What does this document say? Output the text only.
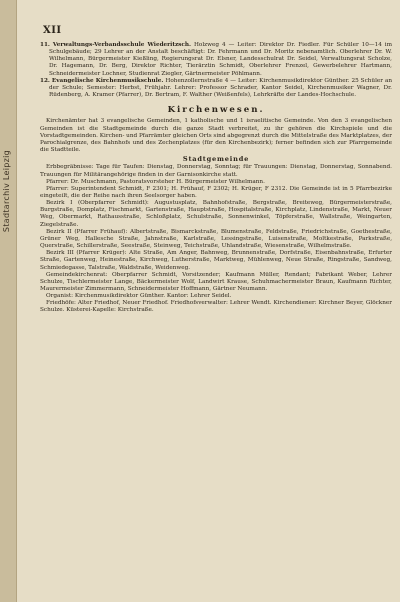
Stadtarchiv Leipzig
XII

11. Verwaltungs-Verbandsschule Wiederitzsch. Holzweg 4 — Leiter: Direktor Dr. Fiedler. Für Schüler 10—14 im Schulgebäude; 29 Lehrer an der Anstalt beschäftigt: Dr. Fehrmann und Dr. Moritz nebenamtlich. Oberlehrer Dr. W. Wilhelmann, Bürgermeister Kießling, Regierungsrat Dr. Elsner, Landesschulrat Dr. Seidel, Verwaltungsrat Scholze, Dr. Hagemann, Dr. Berg, Direktor Richter, Tierärztin Schmidt, Oberlehrer Frenzel, Gewerbelehrer Hartmann, Schneidermeister Lochner, Studienrat Ziegler, Gärtnermeister Pöhlmann.

12. Evangelische Kirchenmusikschule. Hohenzollernstraße 4 — Leiter: Kirchenmusikdirektor Günther. 25 Schüler an der Schule; Semester: Herbst, Frühjahr. Lehrer: Professor Schrader, Kantor Seidel, Kirchenmusiker Wagner, Dr. Rüdenberg, A. Kramer (Pfarrer), Dr. Bertram, F. Walther (Weißenfels), Lehrkräfte der Landes-Hochschule.

Kirchenwesen.

Kirchenämter hat 3 evangelische Gemeinden, 1 katholische und 1 israelitische Gemeinde. Von den 3 evangelischen Gemeinden ist die Stadtgemeinde durch die ganze Stadt verbreitet, zu ihr gehören die Kirchspiele und die Vorstadtgemeinden. Kirchen- und Pfarrämter gleichen Orts sind abgegrenzt durch die Mittelstraße des Marktplatzes, der Parochialgrenze, des Bahnhofs und des Zechenplatzes (für den Kirchenbezirk); ferner befinden sich zur Pfarrgemeinde die Stadtteile.

Stadtgemeinde

Erbbegräbnisse: Tage für Taufen: Dienstag, Donnerstag, Sonntag; für Trauungen: Dienstag, Donnerstag, Sonnabend. Trauungen für Militärangehörige finden in der Garnisonkirche statt.

Pfarrer: Dr. Muschmann, Pastoratsvorsteher H. Bürgermeister Wilhelmann.

Pfarrer: Superintendent Schmidt, F 2301; H. Frühauf, F 2302; H. Krüger, F 2312. Die Gemeinde ist in 5 Pfarrbezirke eingeteilt, die der Reihe nach ihren Seelsorger haben.

Bezirk I (Oberpfarrer Schmidt): Augustusplatz, Bahnhofstraße, Bergstraße, Breiteweg, Bürgermeisterstraße, Burgstraße, Domplatz, Fischmarkt, Gartenstraße, Hauptstraße, Hospitalstraße, Kirchplatz, Lindenstraße, Markt, Neuer Weg, Obermarkt, Rathausstraße, Schloßplatz, Schulstraße, Sonnenwinkel, Töpferstraße, Wallstraße, Weingarten, Ziegelstraße.

Bezirk II (Pfarrer Frühauf): Albertstraße, Bismarckstraße, Blumenstraße, Feldstraße, Friedrichstraße, Goethestraße, Grüner Weg, Hallesche Straße, Jahnstraße, Karlstraße, Lessingstraße, Luisenstraße, Moltkestraße, Parkstraße, Querstraße, Schillerstraße, Seestraße, Steinweg, Teichstraße, Uhlandstraße, Wiesenstraße, Wilhelmstraße.

Bezirk III (Pfarrer Krüger): Alte Straße, Am Anger, Bahnweg, Brunnenstraße, Dorfstraße, Eisenbahnstraße, Erfurter Straße, Gartenweg, Heinestraße, Kirchweg, Lutherstraße, Marktweg, Mühlenweg, Neue Straße, Ringstraße, Sandweg, Schmiedegasse, Talstraße, Waldstraße, Weidenweg.

Gemeindekirchenrat: Oberpfarrer Schmidt, Vorsitzender; Kaufmann Müller, Rendant; Fabrikant Weber, Lehrer Schulze, Tischlermeister Lange, Bäckermeister Wolf, Landwirt Krause, Schuhmachermeister Braun, Kaufmann Richter, Maurermeister Zimmermann, Schneidermeister Hoffmann, Gärtner Neumann.

Organist: Kirchenmusikdirektor Günther. Kantor: Lehrer Seidel.

Friedhöfe: Alter Friedhof, Neuer Friedhof. Friedhofsverwalter: Lehrer Wendt. Kirchendiener: Kirchner Beyer, Glöckner Schulze. Küsterei-Kapelle: Kirchstraße.
